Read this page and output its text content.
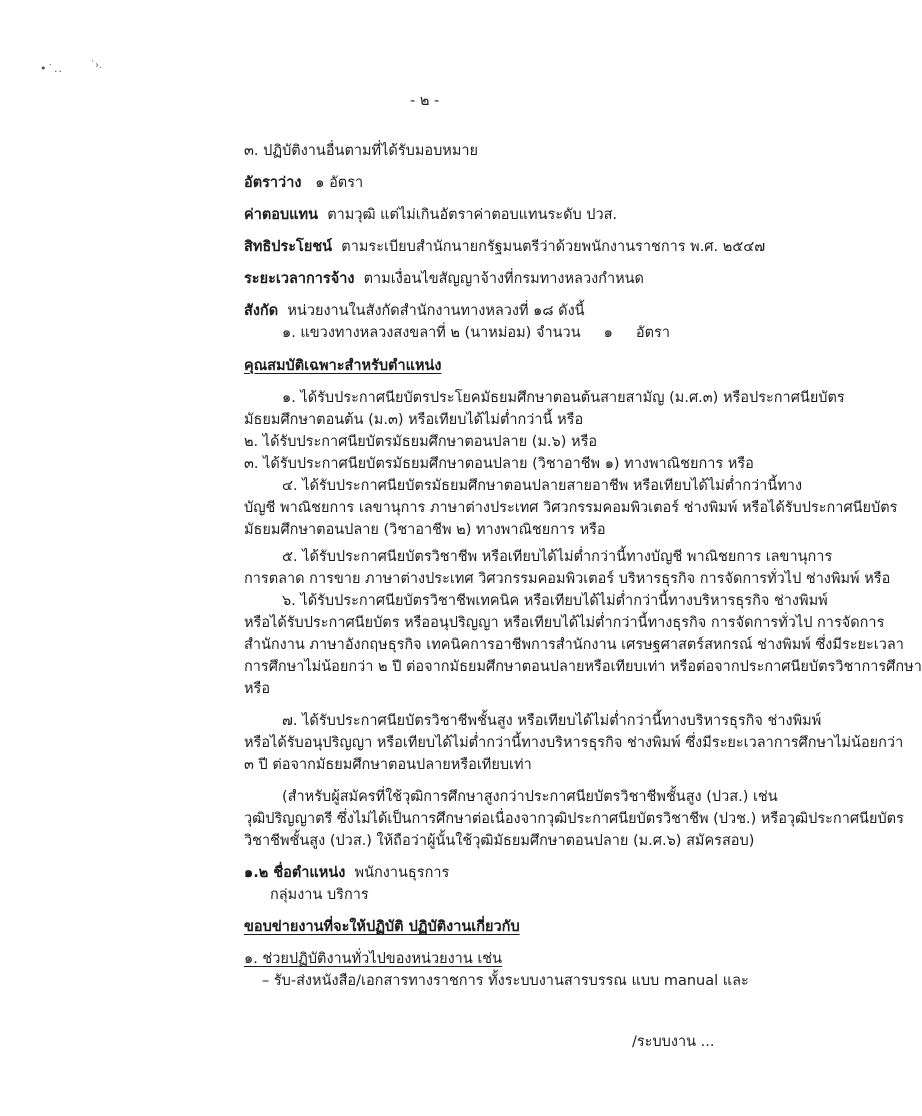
•˙..	˙›.
- ๒ -
๓. ปฏิบัติงานอื่นตามที่ได้รับมอบหมาย
อัตราว่าง ๑ อัตรา
ค่าตอบแทน ตามวุฒิ แต่ไม่เกินอัตราค่าตอบแทนระดับ ปวส.
สิทธิประโยชน์ ตามระเบียบสำนักนายกรัฐมนตรีว่าด้วยพนักงานราชการ พ.ศ. ๒๕๔๗
ระยะเวลาการจ้าง ตามเงื่อนไขสัญญาจ้างที่กรมทางหลวงกำหนด
สังกัด หน่วยงานในสังกัดสำนักงานทางหลวงที่ ๑๘ ดังนี้
๑. แขวงทางหลวงสงขลาที่ ๒ (นาหม่อม) จำนวน ๑ อัตรา
คุณสมบัติเฉพาะสำหรับตำแหน่ง
๑. ได้รับประกาศนียบัตรประโยคมัธยมศึกษาตอนต้นสายสามัญ (ม.ศ.๓) หรือประกาศนียบัตร
มัธยมศึกษาตอนต้น (ม.๓) หรือเทียบได้ไม่ต่ำกว่านี้ หรือ
๒. ได้รับประกาศนียบัตรมัธยมศึกษาตอนปลาย (ม.๖) หรือ
๓. ได้รับประกาศนียบัตรมัธยมศึกษาตอนปลาย (วิชาอาชีพ ๑) ทางพาณิชยการ หรือ
๔. ได้รับประกาศนียบัตรมัธยมศึกษาตอนปลายสายอาชีพ หรือเทียบได้ไม่ต่ำกว่านี้ทาง
บัญชี พาณิชยการ เลขานุการ ภาษาต่างประเทศ วิศวกรรมคอมพิวเตอร์ ช่างพิมพ์ หรือได้รับประกาศนียบัตร
มัธยมศึกษาตอนปลาย (วิชาอาชีพ ๒) ทางพาณิชยการ หรือ
๕. ได้รับประกาศนียบัตรวิชาชีพ หรือเทียบได้ไม่ต่ำกว่านี้ทางบัญชี พาณิชยการ เลขานุการ
การตลาด การขาย ภาษาต่างประเทศ วิศวกรรมคอมพิวเตอร์ บริหารธุรกิจ การจัดการทั่วไป ช่างพิมพ์ หรือ
๖. ได้รับประกาศนียบัตรวิชาชีพเทคนิค หรือเทียบได้ไม่ต่ำกว่านี้ทางบริหารธุรกิจ ช่างพิมพ์
หรือได้รับประกาศนียบัตร หรืออนุปริญญา หรือเทียบได้ไม่ต่ำกว่านี้ทางธุรกิจ การจัดการทั่วไป การจัดการ
สำนักงาน ภาษาอังกฤษธุรกิจ เทคนิคการอาชีพการสำนักงาน เศรษฐศาสตร์สหกรณ์ ช่างพิมพ์ ซึ่งมีระยะเวลา
การศึกษาไม่น้อยกว่า ๒ ปี ต่อจากมัธยมศึกษาตอนปลายหรือเทียบเท่า หรือต่อจากประกาศนียบัตรวิชาการศึกษา
หรือ
๗. ได้รับประกาศนียบัตรวิชาชีพชั้นสูง หรือเทียบได้ไม่ต่ำกว่านี้ทางบริหารธุรกิจ ช่างพิมพ์
หรือได้รับอนุปริญญา หรือเทียบได้ไม่ต่ำกว่านี้ทางบริหารธุรกิจ ช่างพิมพ์ ซึ่งมีระยะเวลาการศึกษาไม่น้อยกว่า
๓ ปี ต่อจากมัธยมศึกษาตอนปลายหรือเทียบเท่า
(สำหรับผู้สมัครที่ใช้วุฒิการศึกษาสูงกว่าประกาศนียบัตรวิชาชีพชั้นสูง (ปวส.) เช่น
วุฒิปริญญาตรี ซึ่งไม่ได้เป็นการศึกษาต่อเนื่องจากวุฒิประกาศนียบัตรวิชาชีพ (ปวช.) หรือวุฒิประกาศนียบัตร
วิชาชีพชั้นสูง (ปวส.) ให้ถือว่าผู้นั้นใช้วุฒิมัธยมศึกษาตอนปลาย (ม.ศ.๖) สมัครสอบ)
๑.๒ ชื่อตำแหน่ง พนักงานธุรการ
กลุ่มงาน บริการ
ขอบข่ายงานที่จะให้ปฏิบัติ ปฏิบัติงานเกี่ยวกับ
๑. ช่วยปฏิบัติงานทั่วไปของหน่วยงาน เช่น
– รับ-ส่งหนังสือ/เอกสารทางราชการ ทั้งระบบงานสารบรรณ แบบ manual และ
/ระบบงาน ...
